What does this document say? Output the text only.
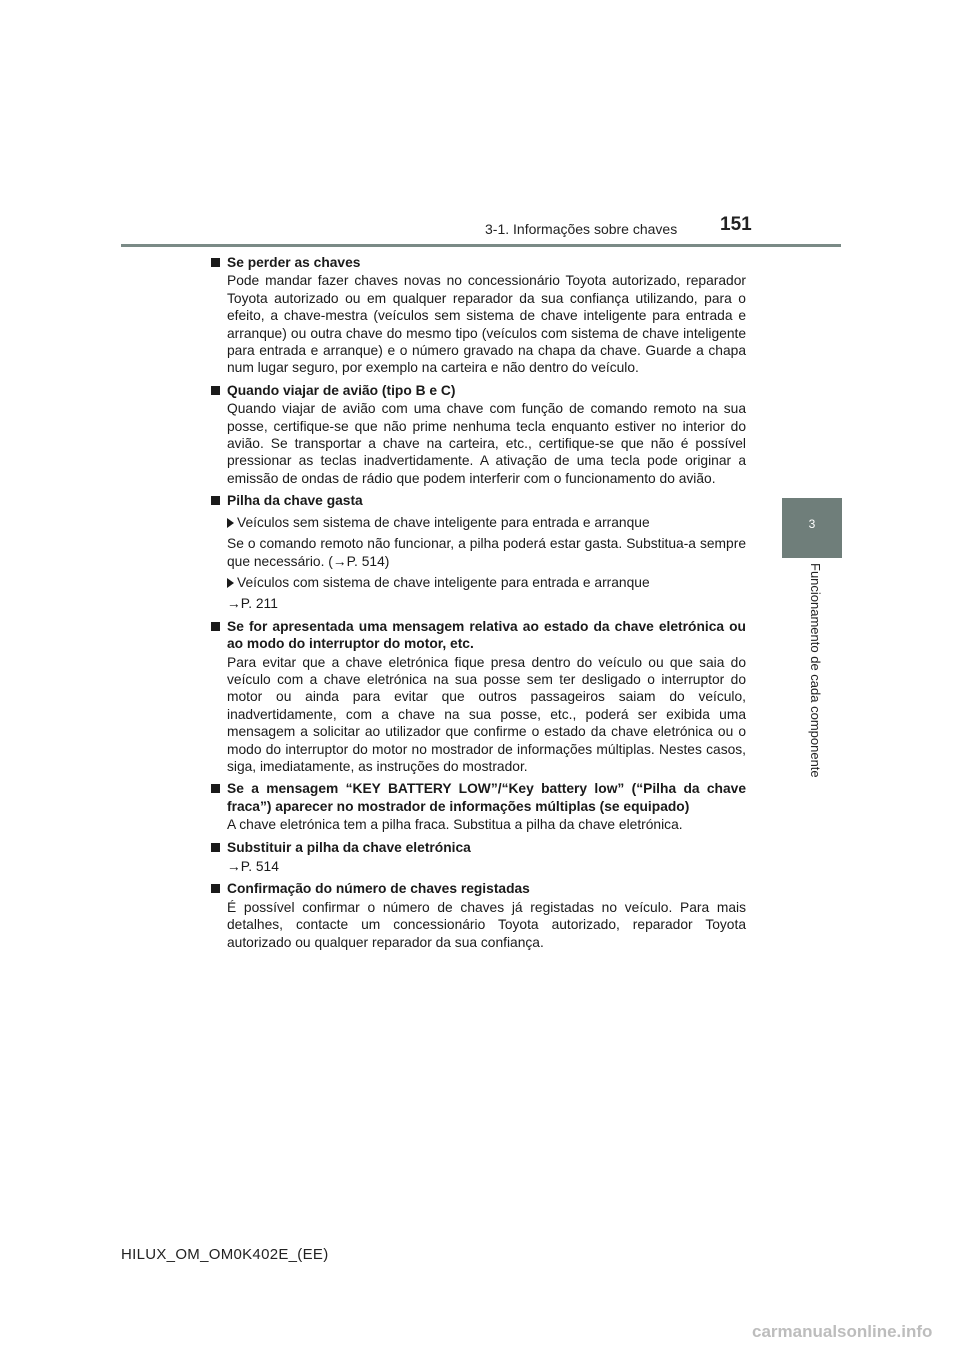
3-1. Informações sobre chaves 151
3
Funcionamento de cada componente
Se perder as chaves
Pode mandar fazer chaves novas no concessionário Toyota autorizado, reparador Toyota autorizado ou em qualquer reparador da sua confiança utilizando, para o efeito, a chave-mestra (veículos sem sistema de chave inteligente para entrada e arranque) ou outra chave do mesmo tipo (veículos com sistema de chave inteligente para entrada e arranque) e o número gravado na chapa da chave. Guarde a chapa num lugar seguro, por exemplo na carteira e não dentro do veículo.
Quando viajar de avião (tipo B e C)
Quando viajar de avião com uma chave com função de comando remoto na sua posse, certifique-se que não prime nenhuma tecla enquanto estiver no interior do avião. Se transportar a chave na carteira, etc., certifique-se que não é possível pressionar as teclas inadvertidamente. A ativação de uma tecla pode originar a emissão de ondas de rádio que podem interferir com o funcionamento do avião.
Pilha da chave gasta
Veículos sem sistema de chave inteligente para entrada e arranque
Se o comando remoto não funcionar, a pilha poderá estar gasta. Substitua-a sempre que necessário. (→P. 514)
Veículos com sistema de chave inteligente para entrada e arranque
→P. 211
Se for apresentada uma mensagem relativa ao estado da chave eletrónica ou ao modo do interruptor do motor, etc.
Para evitar que a chave eletrónica fique presa dentro do veículo ou que saia do veículo com a chave eletrónica na sua posse sem ter desligado o interruptor do motor ou ainda para evitar que outros passageiros saiam do veículo, inadvertidamente, com a chave na sua posse, etc., poderá ser exibida uma mensagem a solicitar ao utilizador que confirme o estado da chave eletrónica ou o modo do interruptor do motor no mostrador de informações múltiplas. Nestes casos, siga, imediatamente, as instruções do mostrador.
Se a mensagem “KEY BATTERY LOW”/“Key battery low” (“Pilha da chave fraca”) aparecer no mostrador de informações múltiplas (se equipado)
A chave eletrónica tem a pilha fraca. Substitua a pilha da chave eletrónica.
Substituir a pilha da chave eletrónica
→P. 514
Confirmação do número de chaves registadas
É possível confirmar o número de chaves já registadas no veículo. Para mais detalhes, contacte um concessionário Toyota autorizado, reparador Toyota autorizado ou qualquer reparador da sua confiança.
HILUX_OM_OM0K402E_(EE)
carmanualsonline.info
